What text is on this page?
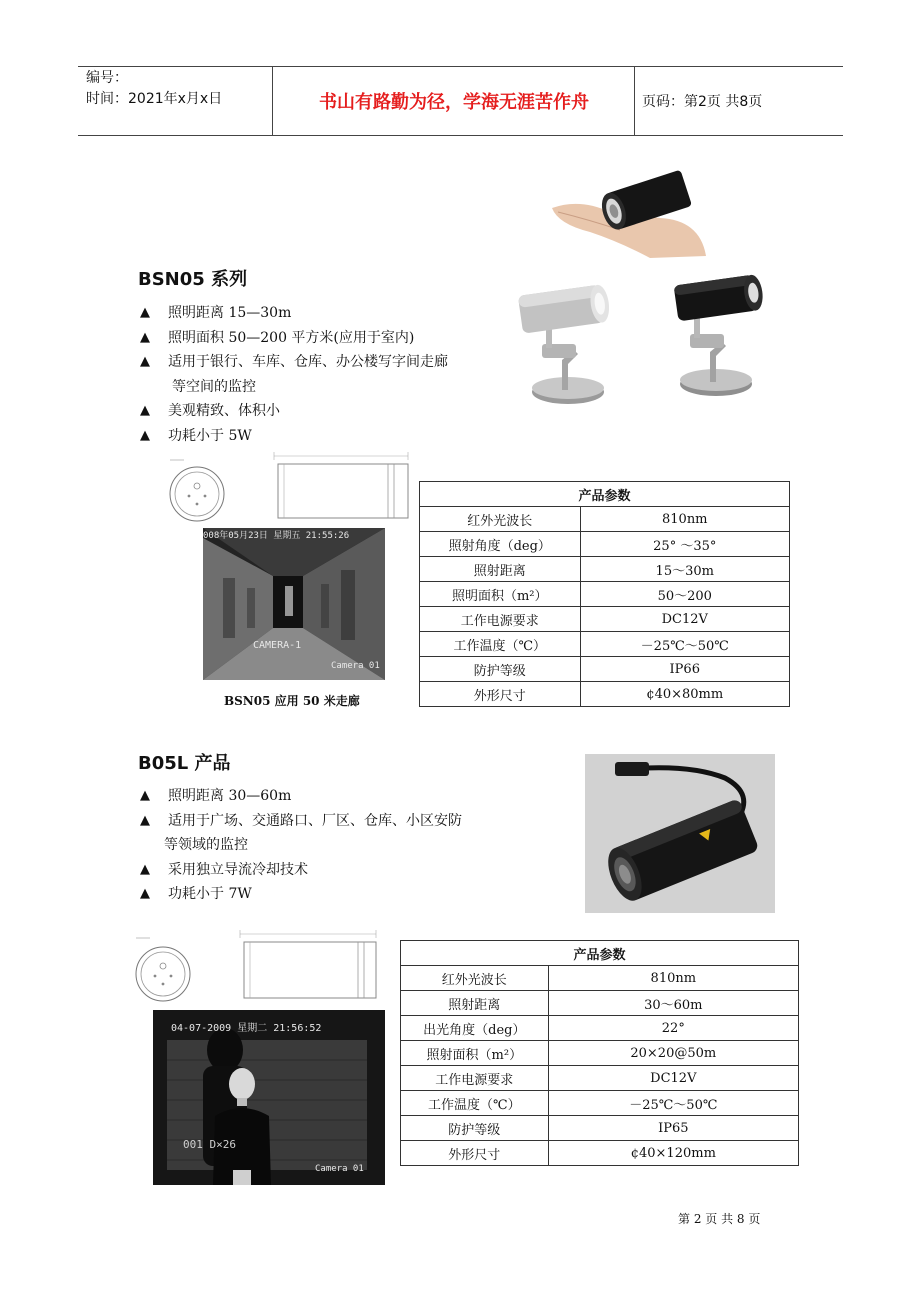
编号：
时间：2021年x月x日	书山有路勤为径，学海无涯苦作舟	页码：第2页 共8页
BSN05 系列
▲ 照明距离 15—30m
▲ 照明面积 50—200 平方米(应用于室内)
▲ 适用于银行、车库、仓库、办公楼写字间走廊
等空间的监控
▲ 美观精致、体积小
▲ 功耗小于 5W
008年05月23日 星期五 21:55:26
CAMERA-1
Camera 01
BSN05 应用 50 米走廊
产品参数	
红外光波长	810nm
照射角度（deg）	25° ～35°
照射距离	15～30m
照明面积（m²）	50～200
工作电源要求	DC12V
工作温度（℃）	－25℃～50℃
防护等级	IP66
外形尺寸	¢40×80mm
B05L 产品
▲ 照明距离 30—60m
▲ 适用于广场、交通路口、厂区、仓库、小区安防
等领域的监控
▲ 采用独立导流冷却技术
▲ 功耗小于 7W
04-07-2009 星期二 21:56:52
001 D×26
Camera 01
产品参数	
红外光波长	810nm
照射距离	30～60m
出光角度（deg）	22°
照射面积（m²）	20×20@50m
工作电源要求	DC12V
工作温度（℃）	－25℃～50℃
防护等级	IP65
外形尺寸	¢40×120mm
第 2 页 共 8 页
